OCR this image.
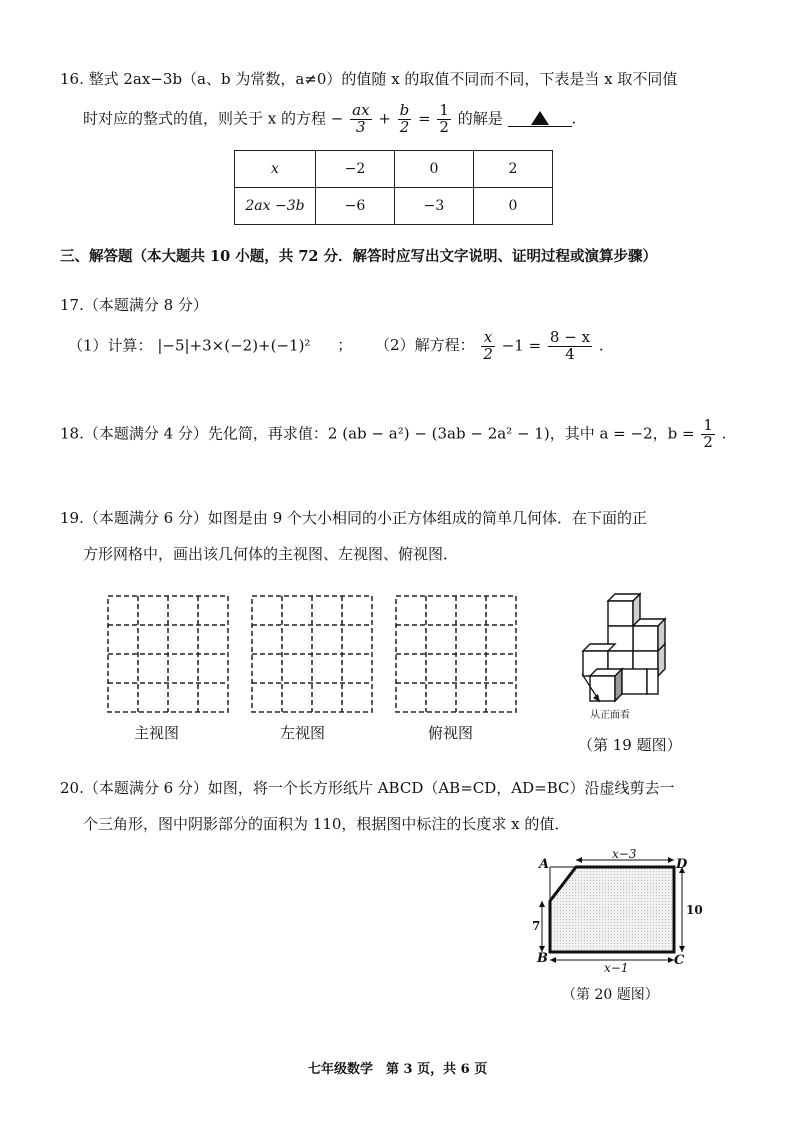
16. 整式 2ax−3b（a、b 为常数，a≠0）的值随 x 的取值不同而不同，下表是当 x 取不同值
时对应的整式的值，则关于 x 的方程 − $\frac{ax}{3} + \frac{b}{2} = \frac{1}{2}$ 的解是	.
x	−2	0	2
2ax −3b	−6	−3	0
三、解答题（本大题共 10 小题，共 72 分．解答时应写出文字说明、证明过程或演算步骤）
17.（本题满分 8 分）
（1）计算： |−5|+3×(−2)+(−1)² ； （2）解方程： $\frac{x}{2} -1 = \frac{8 - x}{4}$ .
18.（本题满分 4 分）先化简，再求值：2 (ab − a²) − (3ab − 2a² − 1)，其中 a = −2，$b = \frac{1}{2}$ .
19.（本题满分 6 分）如图是由 9 个大小相同的小正方体组成的简单几何体．在下面的正
方形网格中，画出该几何体的主视图、左视图、俯视图．
主视图	左视图	俯视图
从正面看
（第 19 题图）
20.（本题满分 6 分）如图，将一个长方形纸片 ABCD（AB=CD，AD=BC）沿虚线剪去一
个三角形，图中阴影部分的面积为 110，根据图中标注的长度求 x 的值．
A	D
B	C
x−3
x−1
7
10
（第 20 题图）
七年级数学　第 3 页，共 6 页
